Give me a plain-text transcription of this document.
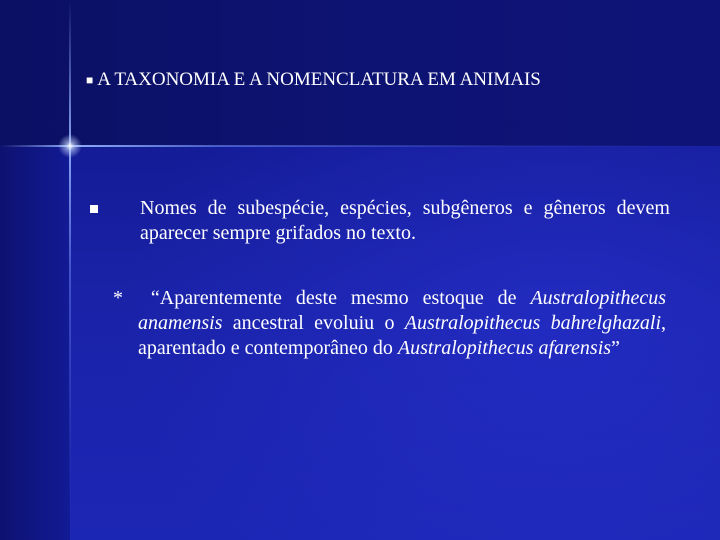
■ A TAXONOMIA E A NOMENCLATURA EM ANIMAIS
Nomes de subespécie, espécies, subgêneros e gêneros devem aparecer sempre grifados no texto.
* “Aparentemente deste mesmo estoque de Australopithecus anamensis ancestral evoluiu o Australopithecus bahrelghazali, aparentado e contemporâneo do Australopithecus afarensis”
